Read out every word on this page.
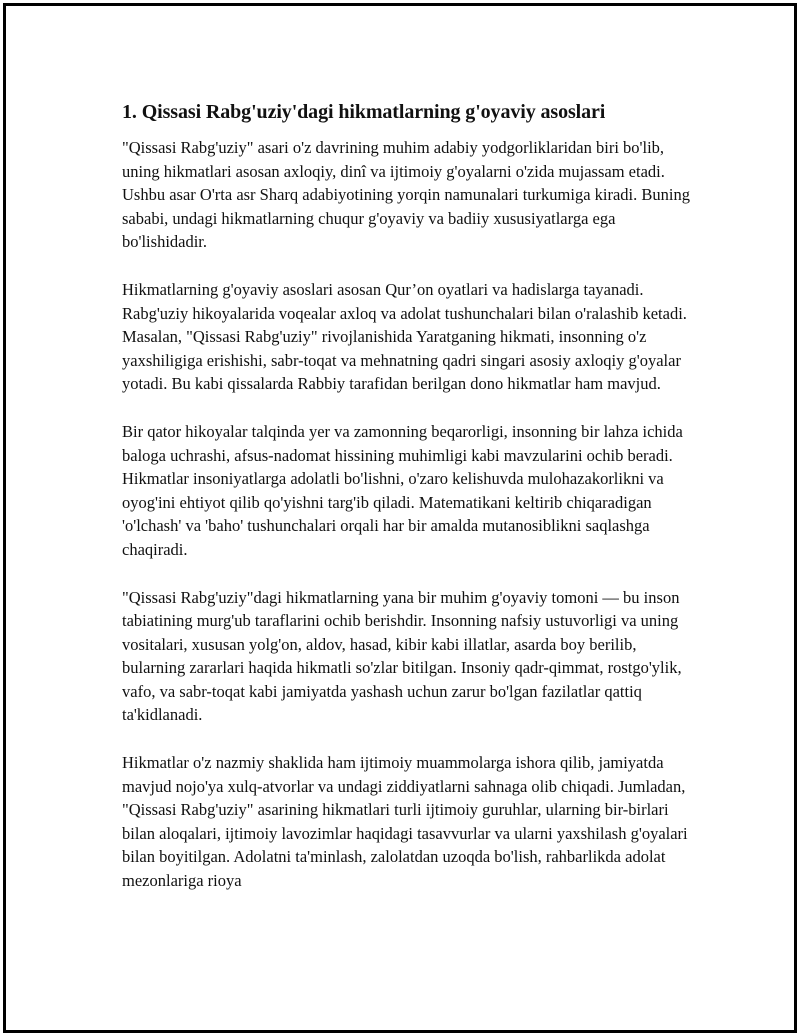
1. Qissasi Rabg'uziy'dagi hikmatlarning g'oyaviy asoslari

"Qissasi Rabg'uziy" asari o'z davrining muhim adabiy yodgorliklaridan biri bo'lib, uning hikmatlari asosan axloqiy, dinî va ijtimoiy g'oyalarni o'zida mujassam etadi. Ushbu asar O'rta asr Sharq adabiyotining yorqin namunalari turkumiga kiradi. Buning sababi, undagi hikmatlarning chuqur g'oyaviy va badiiy xususiyatlarga ega bo'lishidadir.

Hikmatlarning g'oyaviy asoslari asosan Qur’on oyatlari va hadislarga tayanadi. Rabg'uziy hikoyalarida voqealar axloq va adolat tushunchalari bilan o'ralashib ketadi. Masalan, "Qissasi Rabg'uziy" rivojlanishida Yaratganing hikmati, insonning o'z yaxshiligiga erishishi, sabr-toqat va mehnatning qadri singari asosiy axloqiy g'oyalar yotadi. Bu kabi qissalarda Rabbiy tarafidan berilgan dono hikmatlar ham mavjud.

Bir qator hikoyalar talqinda yer va zamonning beqarorligi, insonning bir lahza ichida baloga uchrashi, afsus-nadomat hissining muhimligi kabi mavzularini ochib beradi. Hikmatlar insoniyatlarga adolatli bo'lishni, o'zaro kelishuvda mulohazakorlikni va oyog'ini ehtiyot qilib qo'yishni targ'ib qiladi. Matematikani keltirib chiqaradigan 'o'lchash' va 'baho' tushunchalari orqali har bir amalda mutanosiblikni saqlashga chaqiradi.

"Qissasi Rabg'uziy"dagi hikmatlarning yana bir muhim g'oyaviy tomoni — bu inson tabiatining murg'ub taraflarini ochib berishdir. Insonning nafsiy ustuvorligi va uning vositalari, xususan yolg'on, aldov, hasad, kibir kabi illatlar, asarda boy berilib, bularning zararlari haqida hikmatli so'zlar bitilgan. Insoniy qadr-qimmat, rostgo'ylik, vafo, va sabr-toqat kabi jamiyatda yashash uchun zarur bo'lgan fazilatlar qattiq ta'kidlanadi.

Hikmatlar o'z nazmiy shaklida ham ijtimoiy muammolarga ishora qilib, jamiyatda mavjud nojo'ya xulq-atvorlar va undagi ziddiyatlarni sahnaga olib chiqadi. Jumladan, "Qissasi Rabg'uziy" asarining hikmatlari turli ijtimoiy guruhlar, ularning bir-birlari bilan aloqalari, ijtimoiy lavozimlar haqidagi tasavvurlar va ularni yaxshilash g'oyalari bilan boyitilgan. Adolatni ta'minlash, zalolatdan uzoqda bo'lish, rahbarlikda adolat mezonlariga rioya
